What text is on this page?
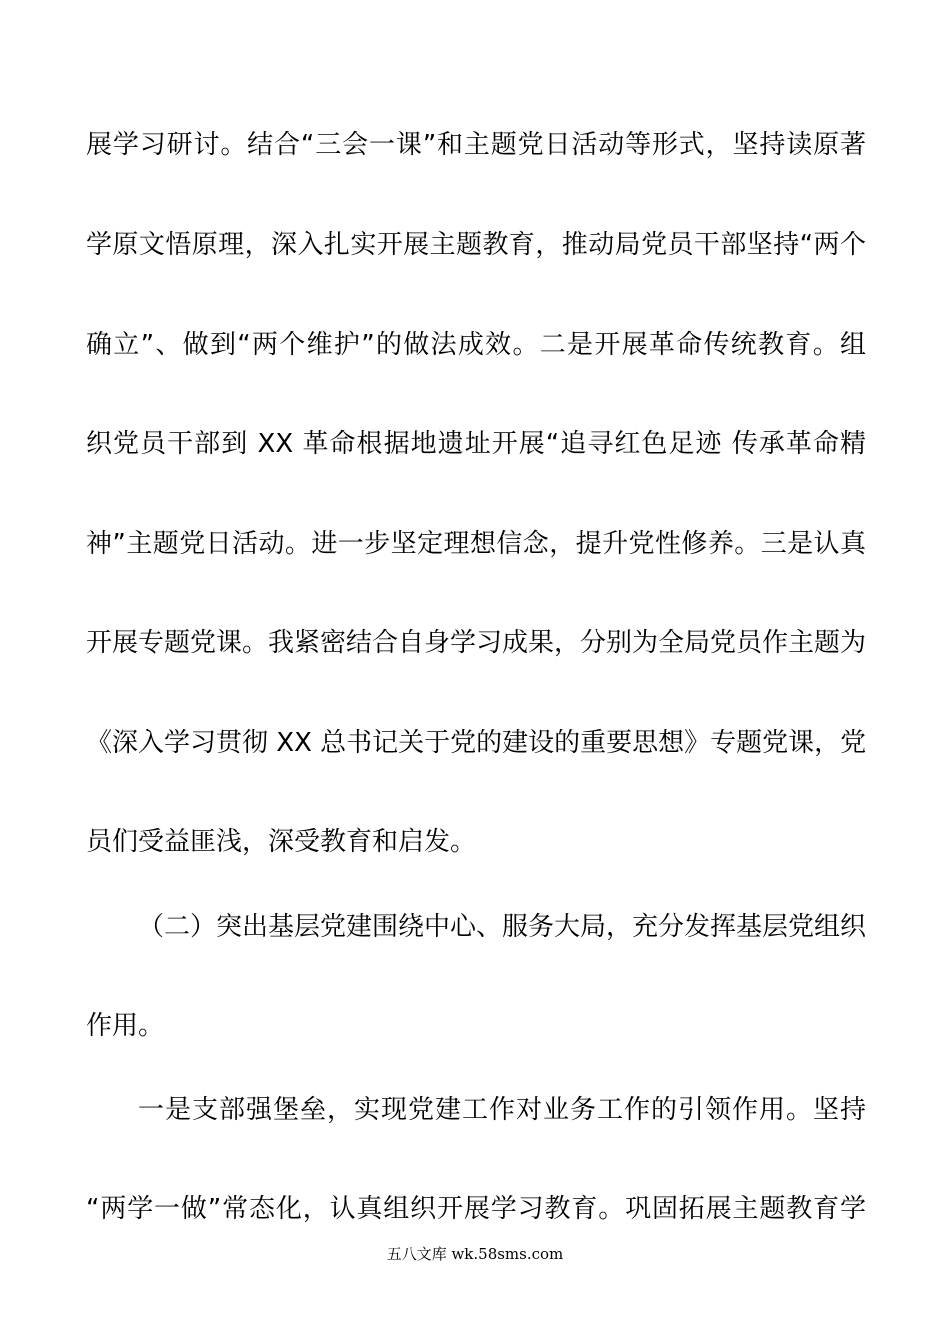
展学习研讨。结合“三会一课”和主题党日活动等形式，坚持读原著
学原文悟原理，深入扎实开展主题教育，推动局党员干部坚持“两个
确立”、做到“两个维护”的做法成效。二是开展革命传统教育。组
织党员干部到 XX 革命根据地遗址开展“追寻红色足迹 传承革命精
神”主题党日活动。进一步坚定理想信念，提升党性修养。三是认真
开展专题党课。我紧密结合自身学习成果，分别为全局党员作主题为
《深入学习贯彻 XX 总书记关于党的建设的重要思想》专题党课，党
员们受益匪浅，深受教育和启发。
（二）突出基层党建围绕中心、服务大局，充分发挥基层党组织
作用。
一是支部强堡垒，实现党建工作对业务工作的引领作用。坚持
“两学一做”常态化，认真组织开展学习教育。巩固拓展主题教育学
五八文库 wk.58sms.com
